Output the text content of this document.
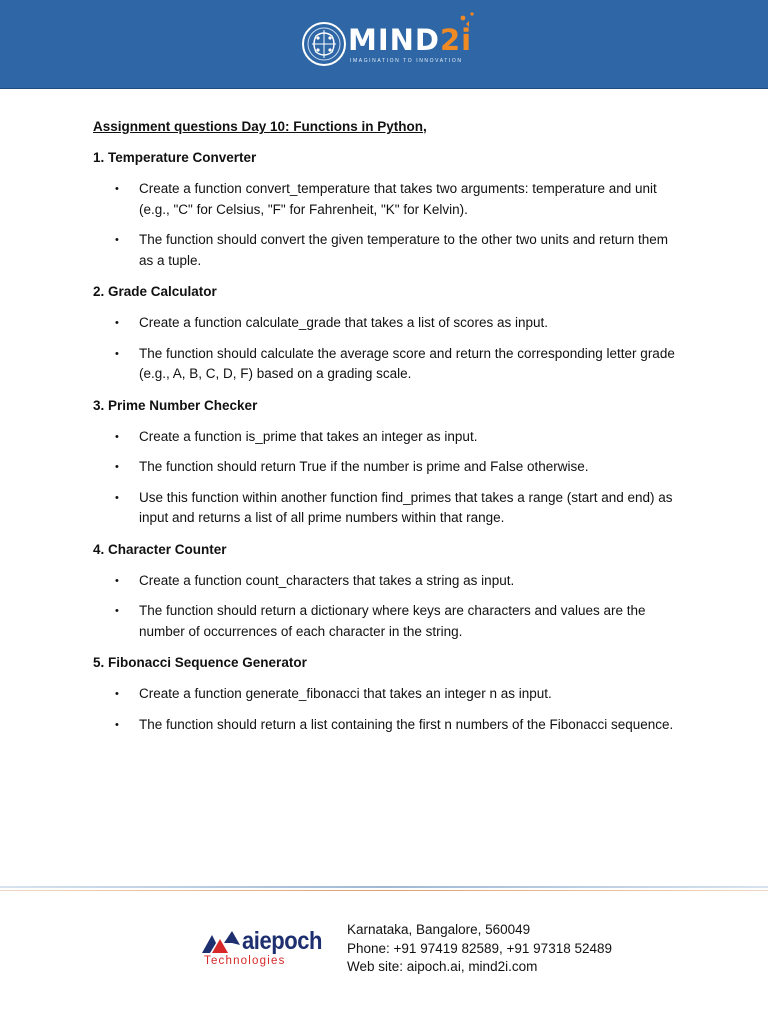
MIND2i
IMAGINATION TO INNOVATION
Assignment questions Day 10: Functions in Python,
1. Temperature Converter
• Create a function convert_temperature that takes two arguments: temperature and unit (e.g., "C" for Celsius, "F" for Fahrenheit, "K" for Kelvin).
• The function should convert the given temperature to the other two units and return them as a tuple.
2. Grade Calculator
• Create a function calculate_grade that takes a list of scores as input.
• The function should calculate the average score and return the corresponding letter grade (e.g., A, B, C, D, F) based on a grading scale.
3. Prime Number Checker
• Create a function is_prime that takes an integer as input.
• The function should return True if the number is prime and False otherwise.
• Use this function within another function find_primes that takes a range (start and end) as input and returns a list of all prime numbers within that range.
4. Character Counter
• Create a function count_characters that takes a string as input.
• The function should return a dictionary where keys are characters and values are the number of occurrences of each character in the string.
5. Fibonacci Sequence Generator
• Create a function generate_fibonacci that takes an integer n as input.
• The function should return a list containing the first n numbers of the Fibonacci sequence.
aiepoch
Technologies
Karnataka, Bangalore, 560049
Phone: +91 97419 82589, +91 97318 52489
Web site: aipoch.ai, mind2i.com
